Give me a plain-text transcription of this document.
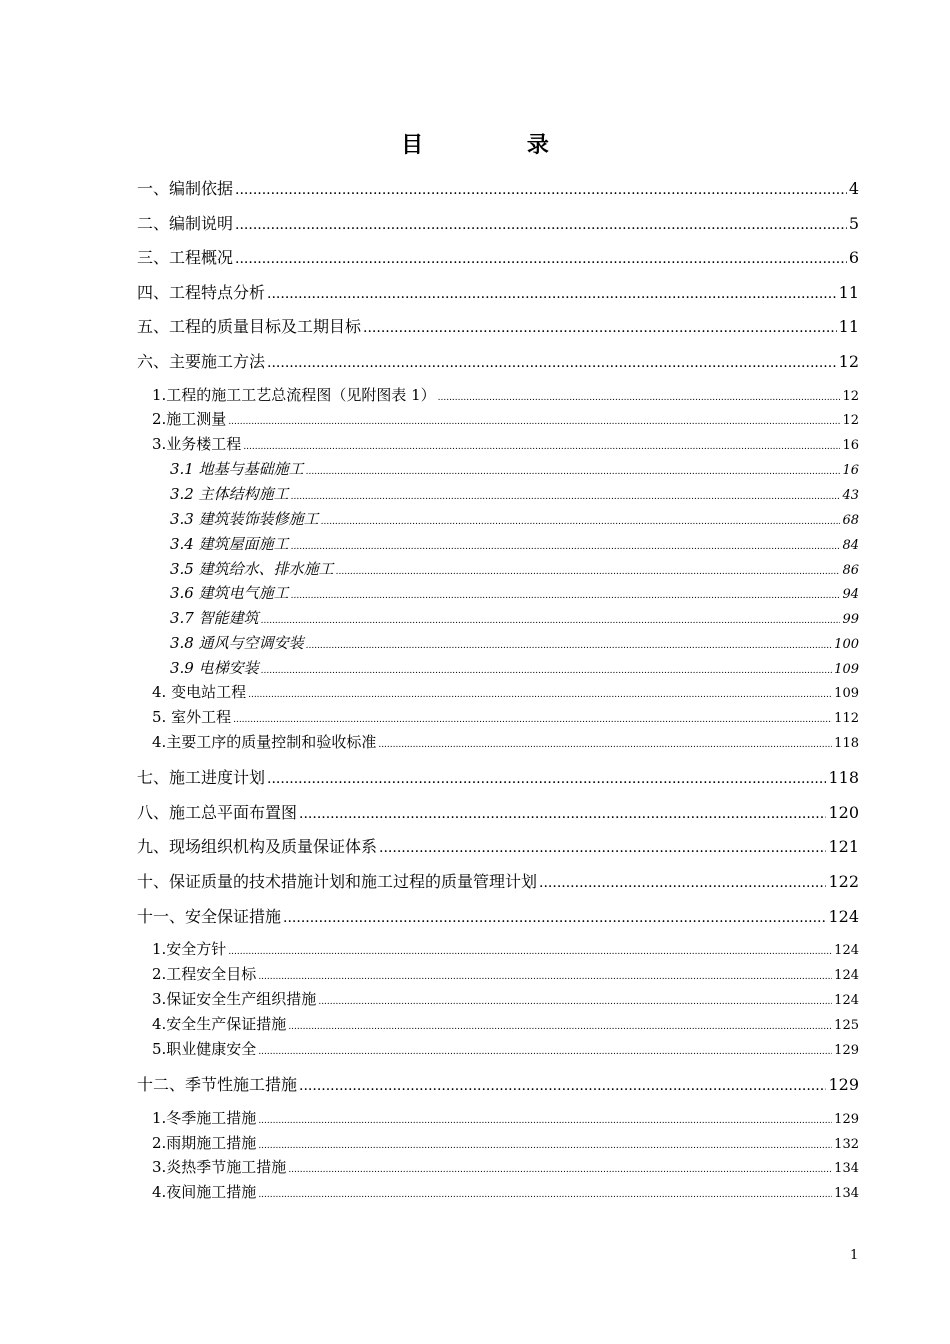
目 录
一、编制依据 .....	4
二、编制说明 .....	5
三、工程概况 .....	6
四、工程特点分析 .....	11
五、工程的质量目标及工期目标 .....	11
六、主要施工方法 .....	12
1.工程的施工工艺总流程图（见附图表 1） .....	12
2.施工测量 .....	12
3.业务楼工程 .....	16
3.1 地基与基础施工 .....	16
3.2 主体结构施工 .....	43
3.3 建筑装饰装修施工 .....	68
3.4 建筑屋面施工 .....	84
3.5 建筑给水、排水施工 .....	86
3.6 建筑电气施工 .....	94
3.7 智能建筑 .....	99
3.8 通风与空调安装 .....	100
3.9 电梯安装 .....	109
4. 变电站工程 .....	109
5. 室外工程 .....	112
4.主要工序的质量控制和验收标准 .....	118
七、施工进度计划 .....	118
八、施工总平面布置图 .....	120
九、现场组织机构及质量保证体系 .....	121
十、保证质量的技术措施计划和施工过程的质量管理计划 .....	122
十一、安全保证措施 .....	124
1.安全方针 .....	124
2.工程安全目标 .....	124
3.保证安全生产组织措施 .....	124
4.安全生产保证措施 .....	125
5.职业健康安全 .....	129
十二、季节性施工措施 .....	129
1.冬季施工措施 .....	129
2.雨期施工措施 .....	132
3.炎热季节施工措施 .....	134
4.夜间施工措施 .....	134
1
